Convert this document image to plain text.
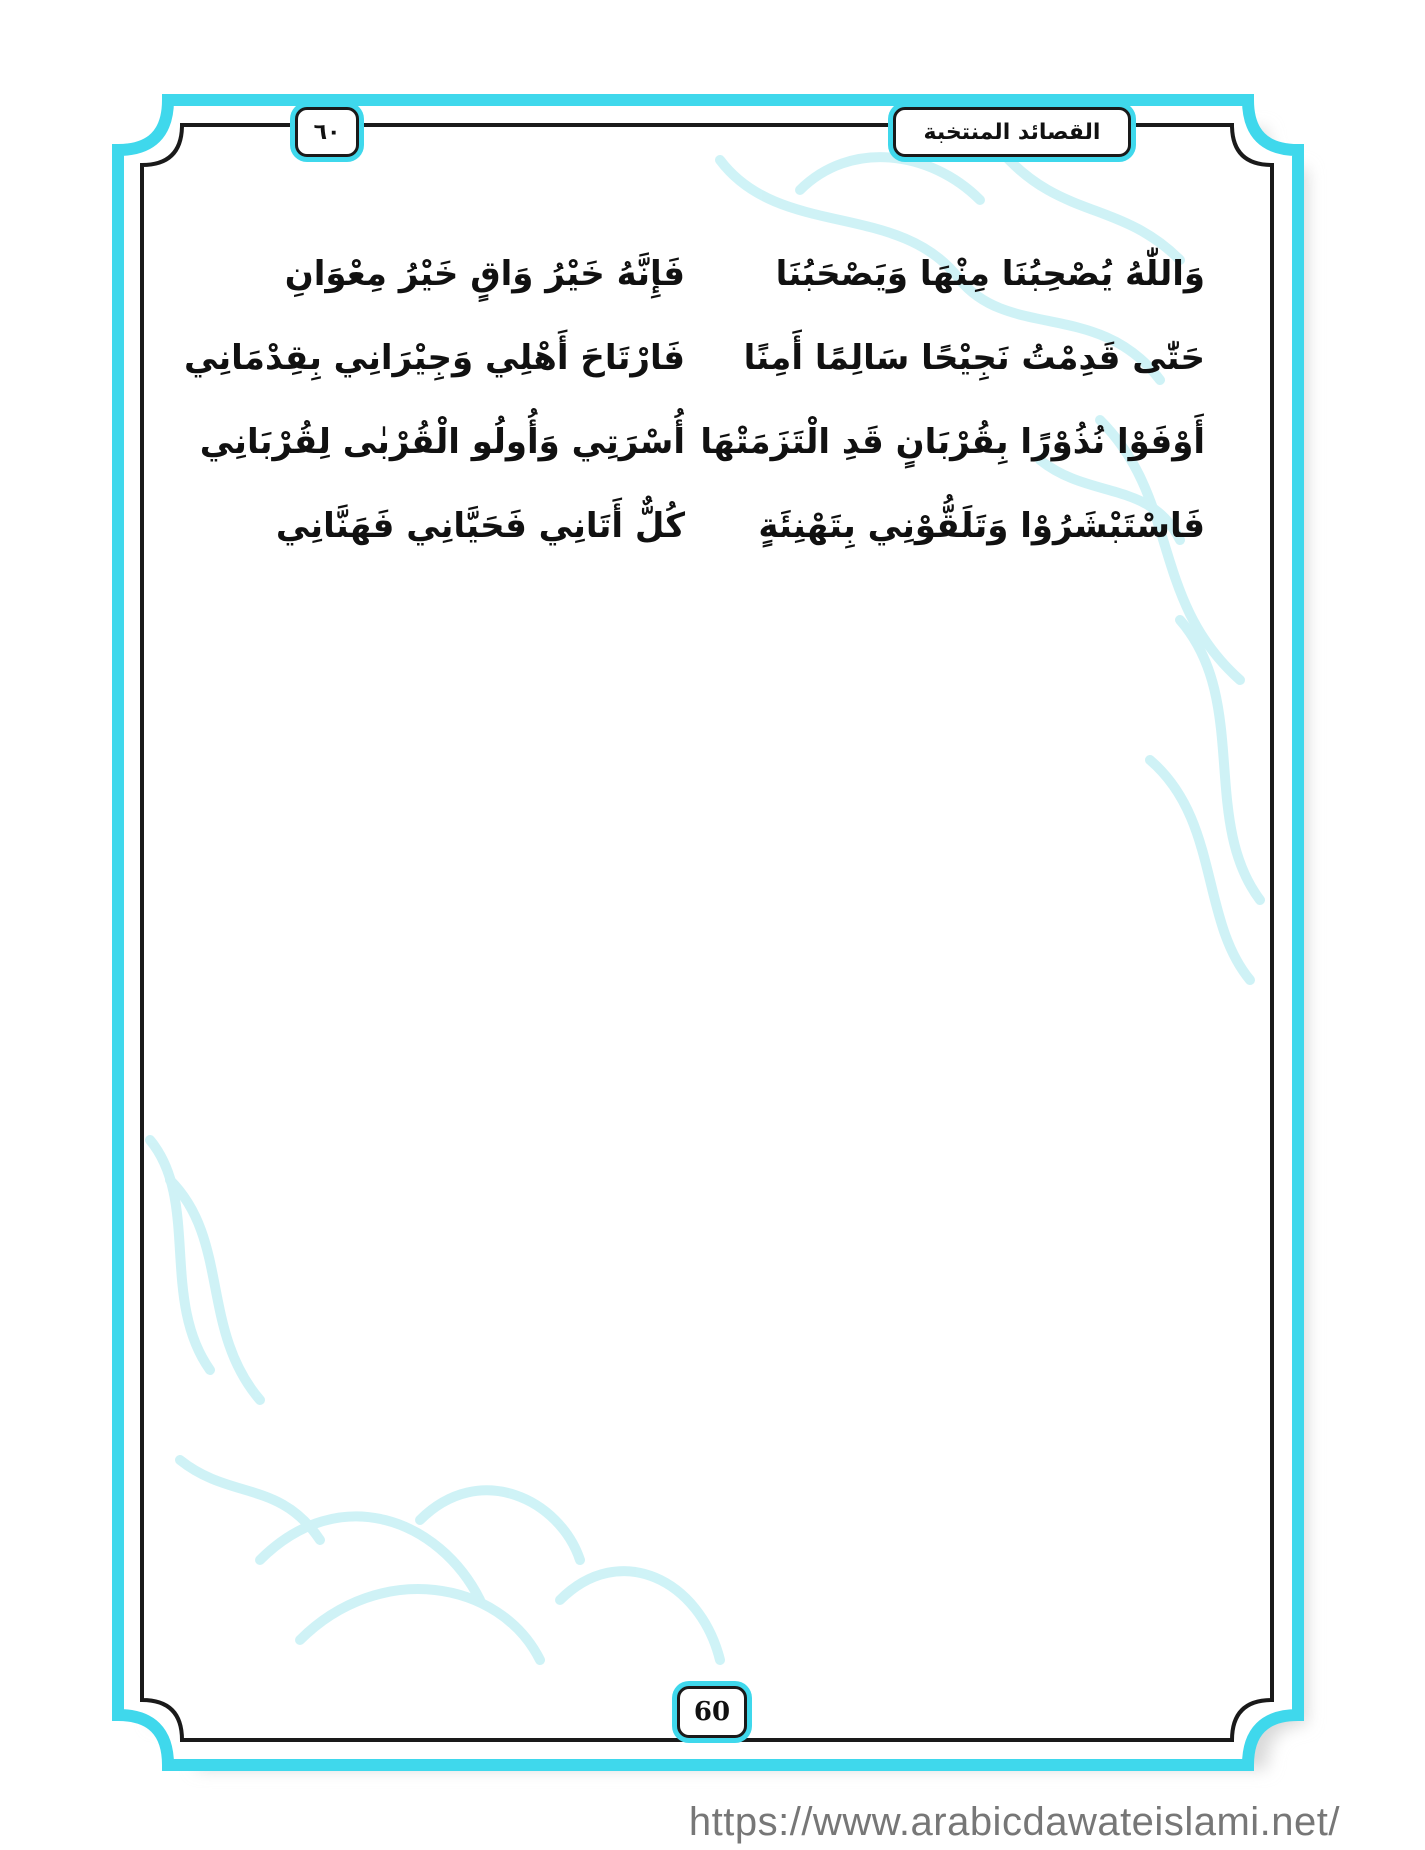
القصائد المنتخبة
٦٠
وَاللّٰهُ يُصْحِبُنَا مِنْهَا وَيَصْحَبُنَا
فَإِنَّهُ خَيْرُ وَاقٍ خَيْرُ مِعْوَانِ
حَتّٰى قَدِمْتُ نَجِيْحًا سَالِمًا أَمِنًا
فَارْتَاحَ أَهْلِي وَجِيْرَانِي بِقِدْمَانِي
أَوْفَوْا نُذُوْرًا بِقُرْبَانٍ قَدِ الْتَزَمَتْهَا
أُسْرَتِي وَأُولُو الْقُرْبٰى لِقُرْبَانِي
فَاسْتَبْشَرُوْا وَتَلَقُّوْنِي بِتَهْنِئَةٍ
كُلٌّ أَتَانِي فَحَيَّانِي فَهَنَّانِي
60
https://www.arabicdawateislami.net/
